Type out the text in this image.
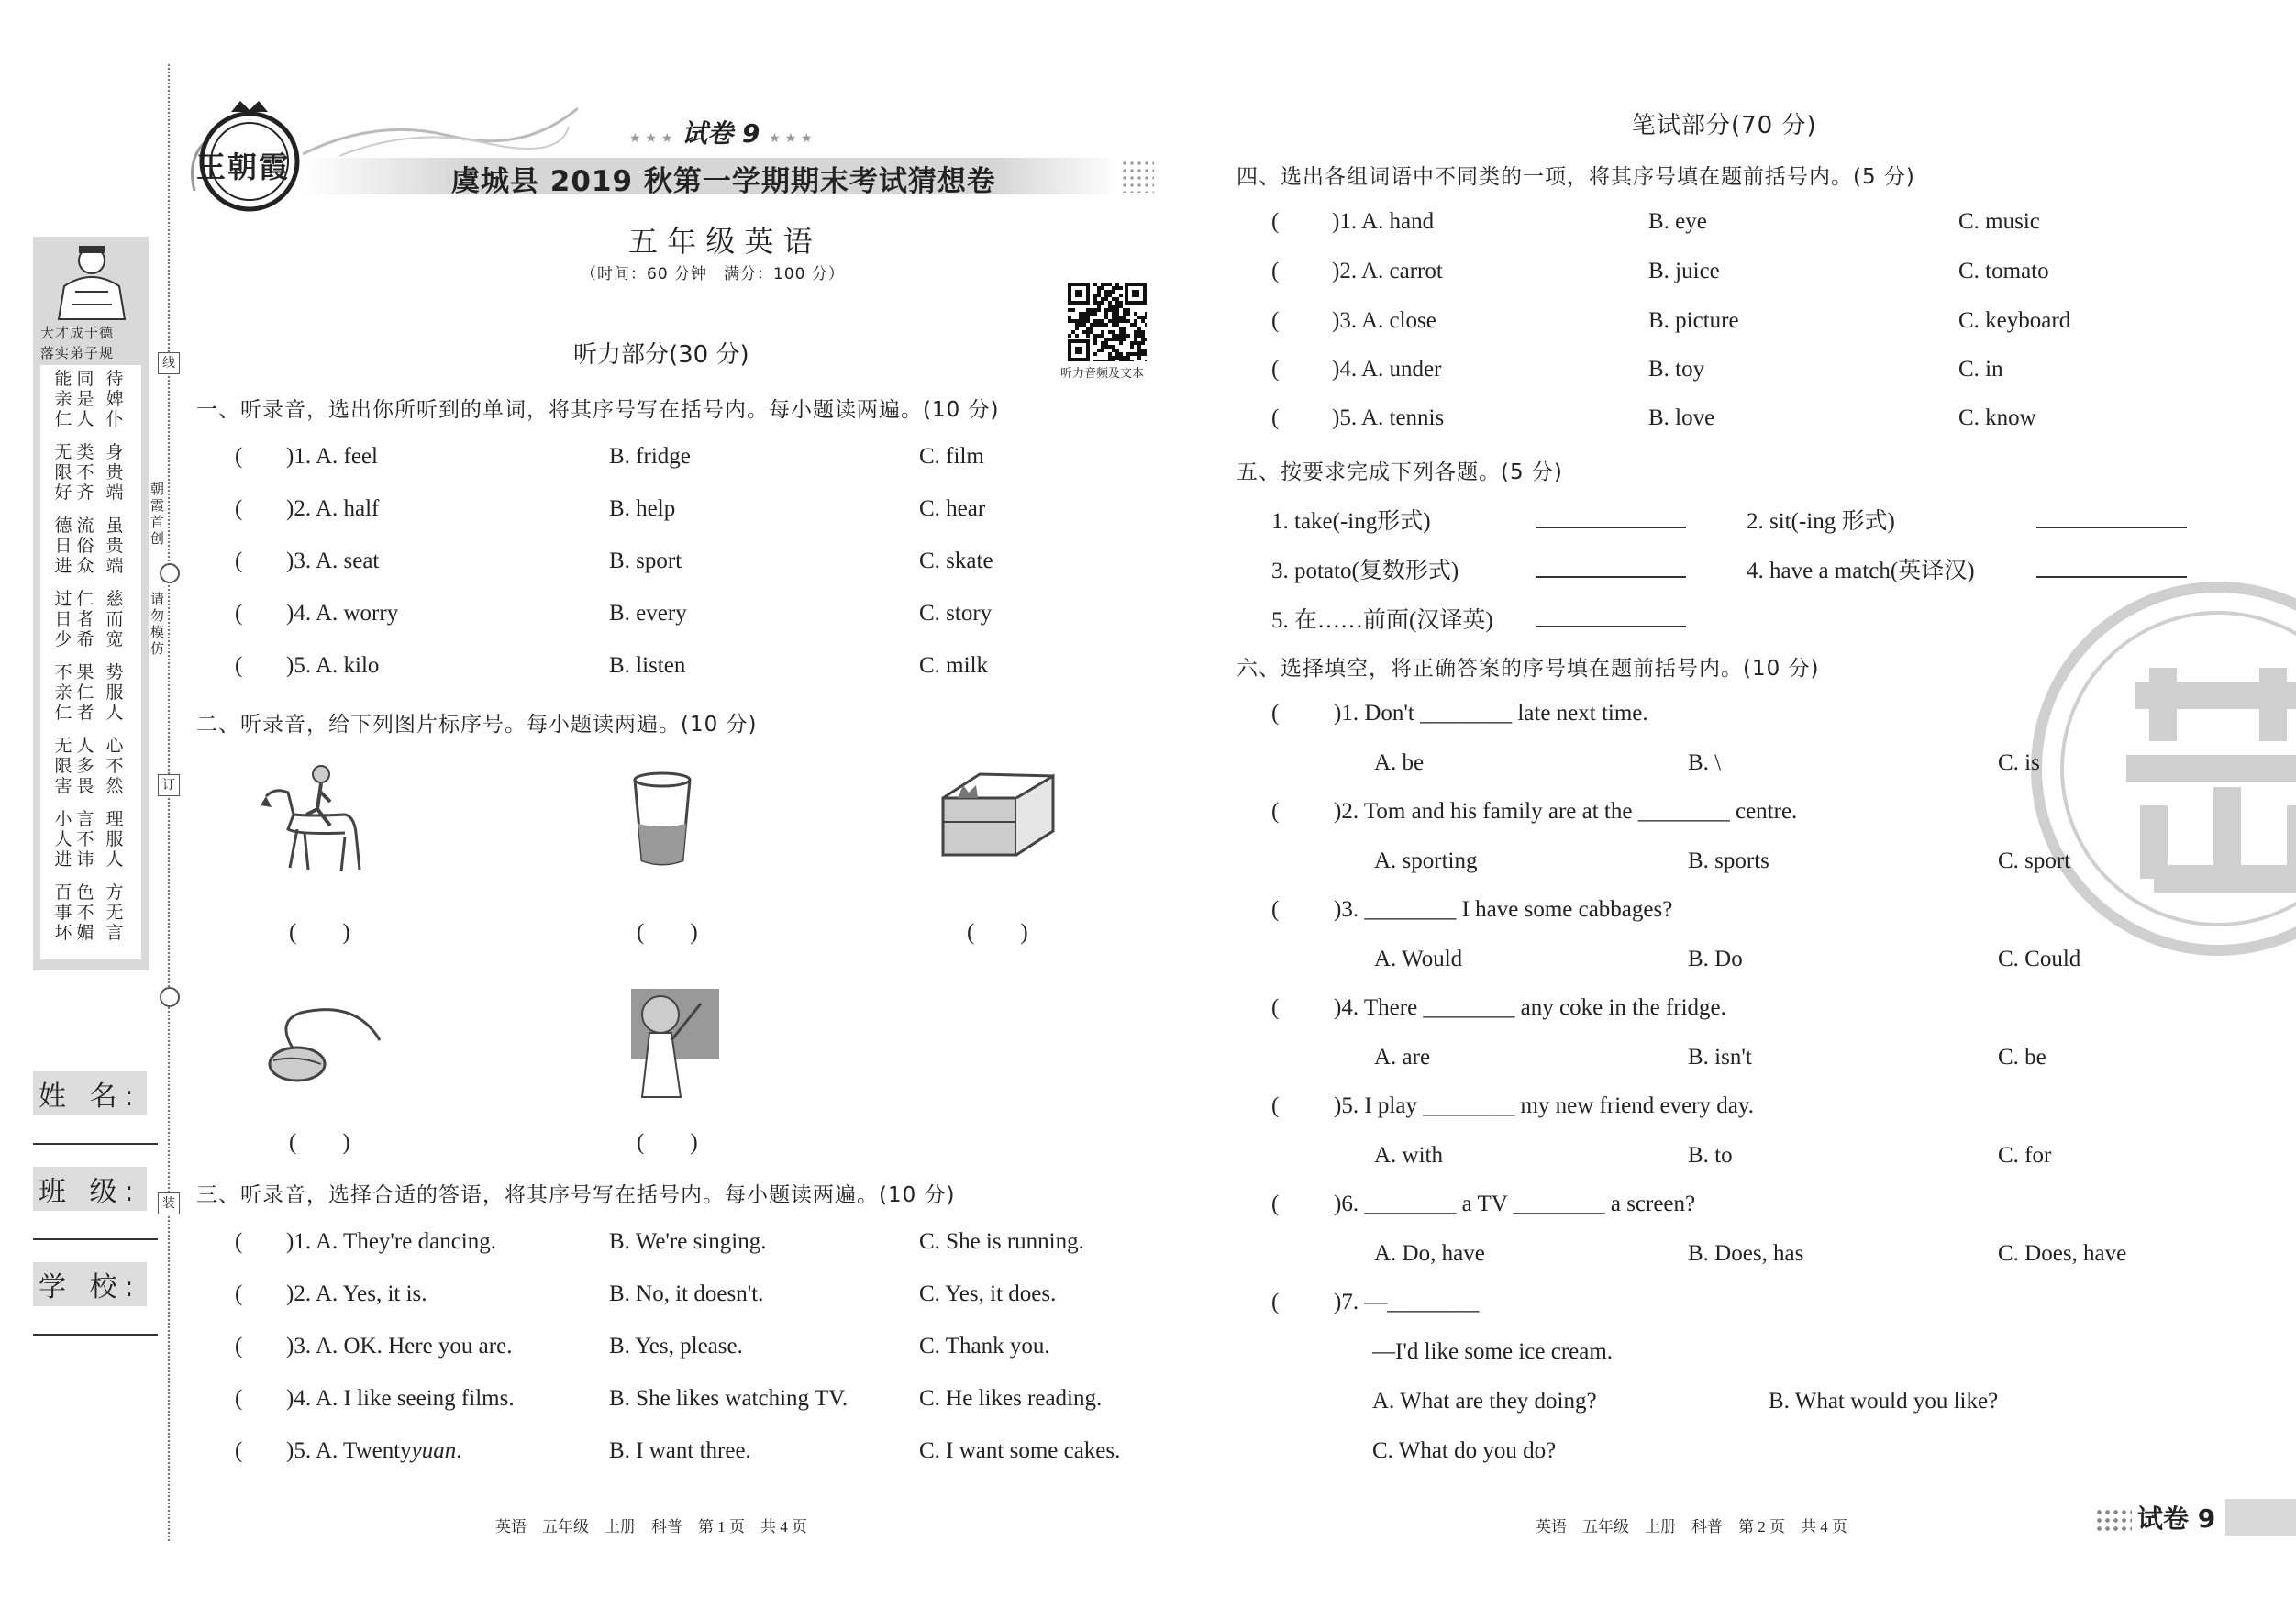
大才成于德
落实弟子规
能亲仁
同是人
待婢仆
无限好
类不齐
身贵端
德日进
流俗众
虽贵端
过日少
仁者希
慈而宽
不亲仁
果仁者
势服人
无限害
人多畏
心不然
小人进
言不讳
理服人
百事坏
色不媚
方无言
朝霞首创
请勿模仿
线
订
装
姓 名:
班 级:
学 校:
王朝霞
★ ★ ★ 试卷 9 ★ ★ ★
虞城县 2019 秋第一学期期末考试猜想卷
五 年 级 英 语
（时间：60 分钟　满分：100 分）
听力音频及文本
听力部分(30 分)
一、听录音，选出你所听到的单词，将其序号写在括号内。每小题读两遍。(10 分)
( )1. A. feel	B. fridge	C. film
( )2. A. half	B. help	C. hear
( )3. A. seat	B. sport	C. skate
( )4. A. worry	B. every	C. story
( )5. A. kilo	B. listen	C. milk
二、听录音，给下列图片标序号。每小题读两遍。(10 分)
(　　)	(　　)	(　　)
(　　)	(　　)
三、听录音，选择合适的答语，将其序号写在括号内。每小题读两遍。(10 分)
( )1. A. They're dancing.	B. We're singing.	C. She is running.
( )2. A. Yes, it is.	B. No, it doesn't.	C. Yes, it does.
( )3. A. OK. Here you are.	B. Yes, please.	C. Thank you.
( )4. A. I like seeing films.	B. She likes watching TV.	C. He likes reading.
( )5. A. Twentyyuan.	B. I want three.	C. I want some cakes.
英语　五年级　上册　科普　第 1 页　共 4 页
笔试部分(70 分)
四、选出各组词语中不同类的一项，将其序号填在题前括号内。(5 分)
( )1. A. hand	B. eye	C. music
( )2. A. carrot	B. juice	C. tomato
( )3. A. close	B. picture	C. keyboard
( )4. A. under	B. toy	C. in
( )5. A. tennis	B. love	C. know
五、按要求完成下列各题。(5 分)
1. take(-ing形式)	2. sit(-ing 形式)
3. potato(复数形式)	4. have a match(英译汉)
5. 在……前面(汉译英)
六、选择填空，将正确答案的序号填在题前括号内。(10 分)
( )1. Don't ________ late next time.
A. be	B. \	C. is
( )2. Tom and his family are at the ________ centre.
A. sporting	B. sports	C. sport
( )3. ________ I have some cabbages?
A. Would	B. Do	C. Could
( )4. There ________ any coke in the fridge.
A. are	B. isn't	C. be
( )5. I play ________ my new friend every day.
A. with	B. to	C. for
( )6. ________ a TV ________ a screen?
A. Do, have	B. Does, has	C. Does, have
( )7. —________
—I'd like some ice cream.
A. What are they doing?	B. What would you like?
C. What do you do?
英语　五年级　上册　科普　第 2 页　共 4 页	试卷 9
